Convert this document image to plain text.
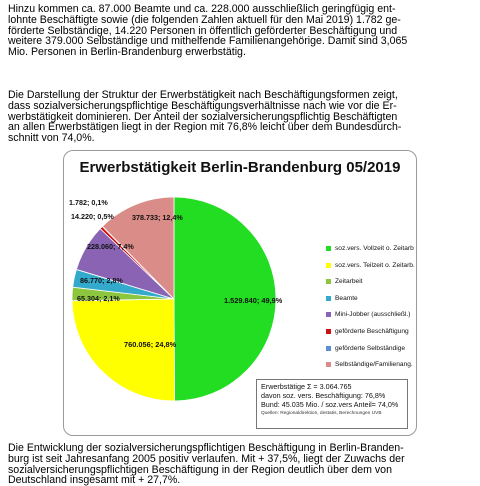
Hinzu kommen ca. 87.000 Beamte und ca. 228.000 ausschließlich geringfügig ent-
lohnte Beschäftigte sowie (die folgenden Zahlen aktuell für den Mai 2019) 1.782 ge-
förderte Selbständige, 14.220 Personen in öffentlich geförderter Beschäftigung und
weitere 379.000 Selbständige und mithelfende Familienangehörige. Damit sind 3,065
Mio. Personen in Berlin-Brandenburg erwerbstätig.
Die Darstellung der Struktur der Erwerbstätigkeit nach Beschäftigungsformen zeigt,
dass sozialversicherungspflichtige Beschäftigungsverhältnisse nach wie vor die Er-
werbstätigkeit dominieren. Der Anteil der sozialversicherungspflichtig Beschäftigten
an allen Erwerbstätigen liegt in der Region mit 76,8% leicht über dem Bundesdurch-
schnitt von 74,0%.
Erwerbstätigkeit Berlin-Brandenburg 05/2019
1.529.840; 49,9%
760.056; 24,8%
65.304; 2,1%
86.770; 2,8%
228.060; 7,4%
14.220; 0,5%
1.782; 0,1%
378.733; 12,4%
soz.vers. Vollzeit o. Zeitarb
soz.vers. Teilzeit o. Zeitarb.
Zeitarbeit
Beamte
Mini-Jobber (ausschließl.)
geförderte Beschäftigung
geförderte Selbständige
Selbständige/Familienang.
Erwerbstätige Σ = 3.064.765
davon soz. vers. Beschäftigung: 76,8%
Bund: 45.035 Mio. / soz.vers Anteil= 74,0%
Quellen: Regionaldirektion, destatis, Berechnungen UVB
Die Entwicklung der sozialversicherungspflichtigen Beschäftigung in Berlin-Branden-
burg ist seit Jahresanfang 2005 positiv verlaufen. Mit + 37,5%, liegt der Zuwachs der
sozialversicherungspflichtigen Beschäftigung in der Region deutlich über dem von
Deutschland insgesamt mit + 27,7%.
